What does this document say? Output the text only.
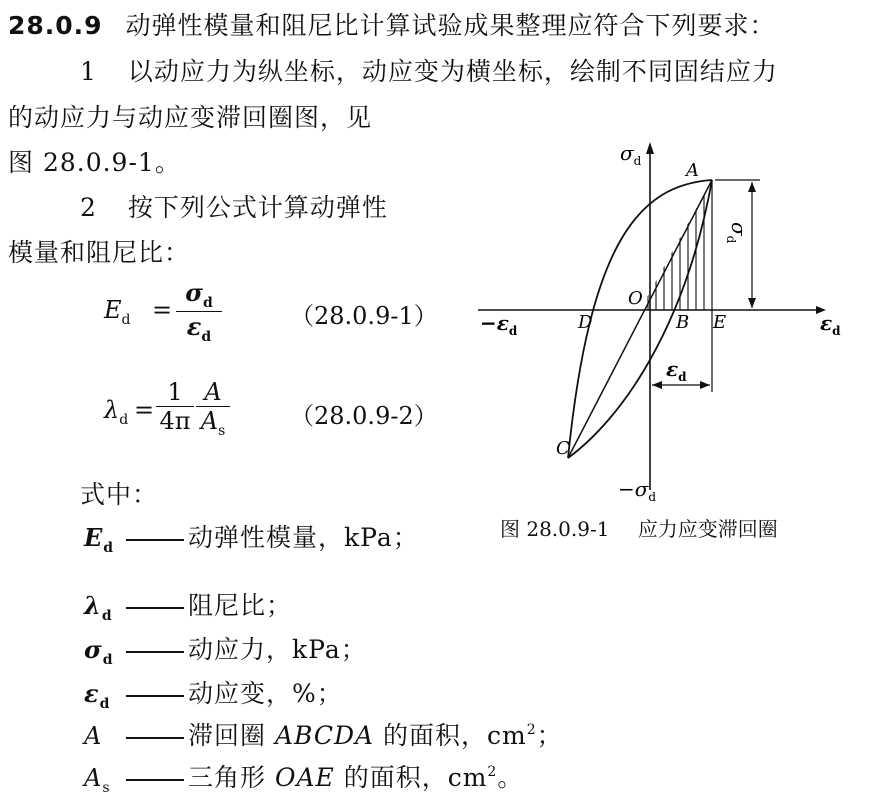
28.0.9 动弹性模量和阻尼比计算试验成果整理应符合下列要求：
1 以动应力为纵坐标，动应变为横坐标，绘制不同固结应力
的动应力与动应变滞回圈图，见
图 28.0.9-1。
2 按下列公式计算动弹性
模量和阻尼比：
$E_d$ =
$\sigma_d$
$\varepsilon_d$
（28.0.9-1）
$\lambda_d$ =
1
4π
A
$A_s$
（28.0.9-2）
式中：
$E_d$	动弹性模量，kPa；
$\lambda_d$	阻尼比；
$\sigma_d$	动应力，kPa；
$\varepsilon_d$	动应变，%；
A	滞回圈 ABCDA 的面积，$cm^2$；
$A_s$	三角形 OAE 的面积，$cm^2$。
$\sigma_d$
$-\sigma_d$
$\varepsilon_d$
$-\varepsilon_d$
A
B
C
D	E
O
$\sigma_d$
$\varepsilon_d$
图 28.0.9-1 应力应变滞回圈
